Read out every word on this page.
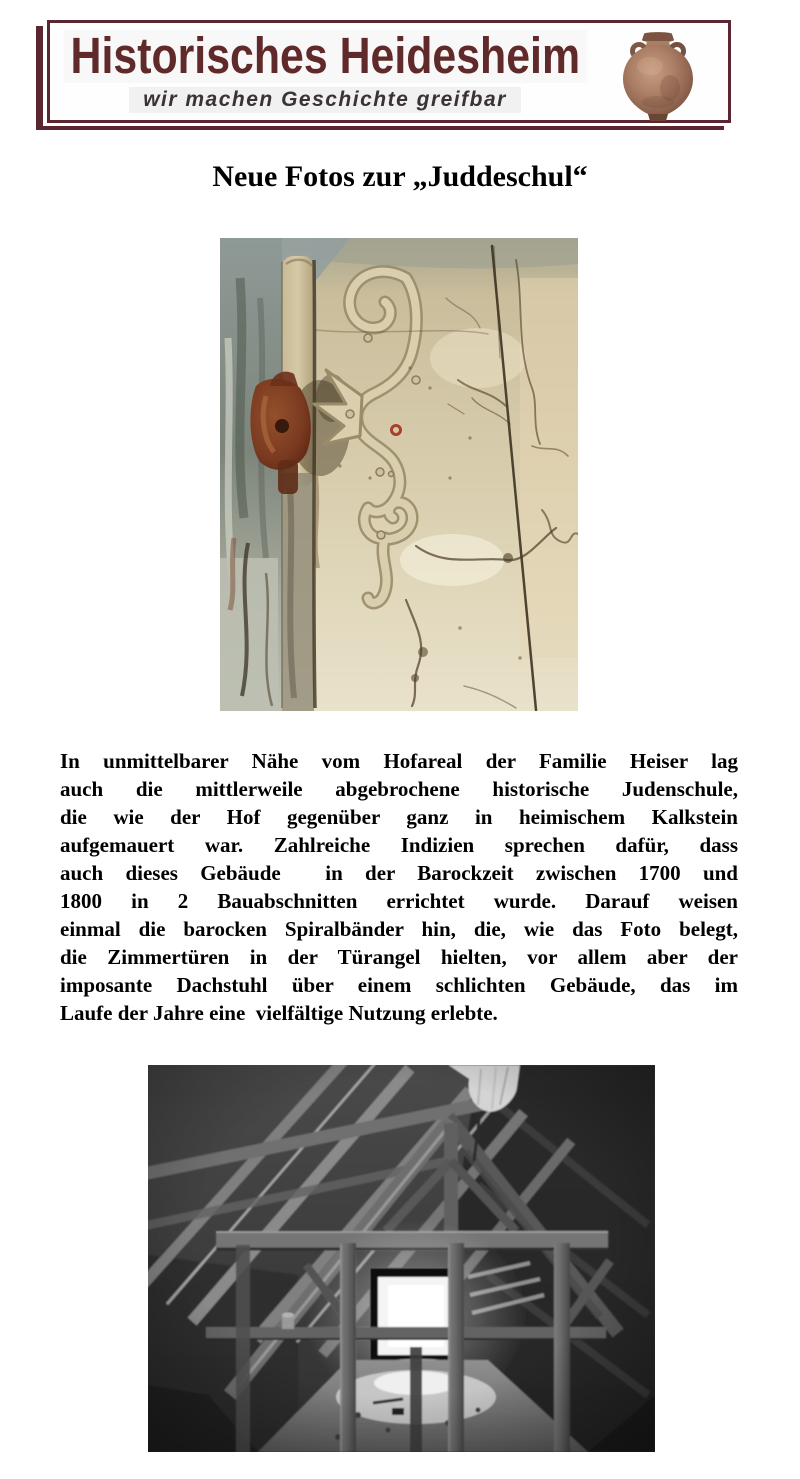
Historisches Heidesheim
wir machen Geschichte greifbar
Neue Fotos zur „Juddeschul“
In unmittelbarer Nähe vom Hofareal der Familie Heiser lag
auch die mittlerweile abgebrochene historische Judenschule,
die wie der Hof gegenüber ganz in heimischem Kalkstein
aufgemauert war. Zahlreiche Indizien sprechen dafür, dass
auch dieses Gebäude  in der Barockzeit zwischen 1700 und
1800 in 2 Bauabschnitten errichtet wurde. Darauf weisen
einmal die barocken Spiralbänder hin, die, wie das Foto belegt,
die Zimmertüren in der Türangel hielten, vor allem aber der
imposante Dachstuhl über einem schlichten Gebäude, das im
Laufe der Jahre eine  vielfältige Nutzung erlebte.
